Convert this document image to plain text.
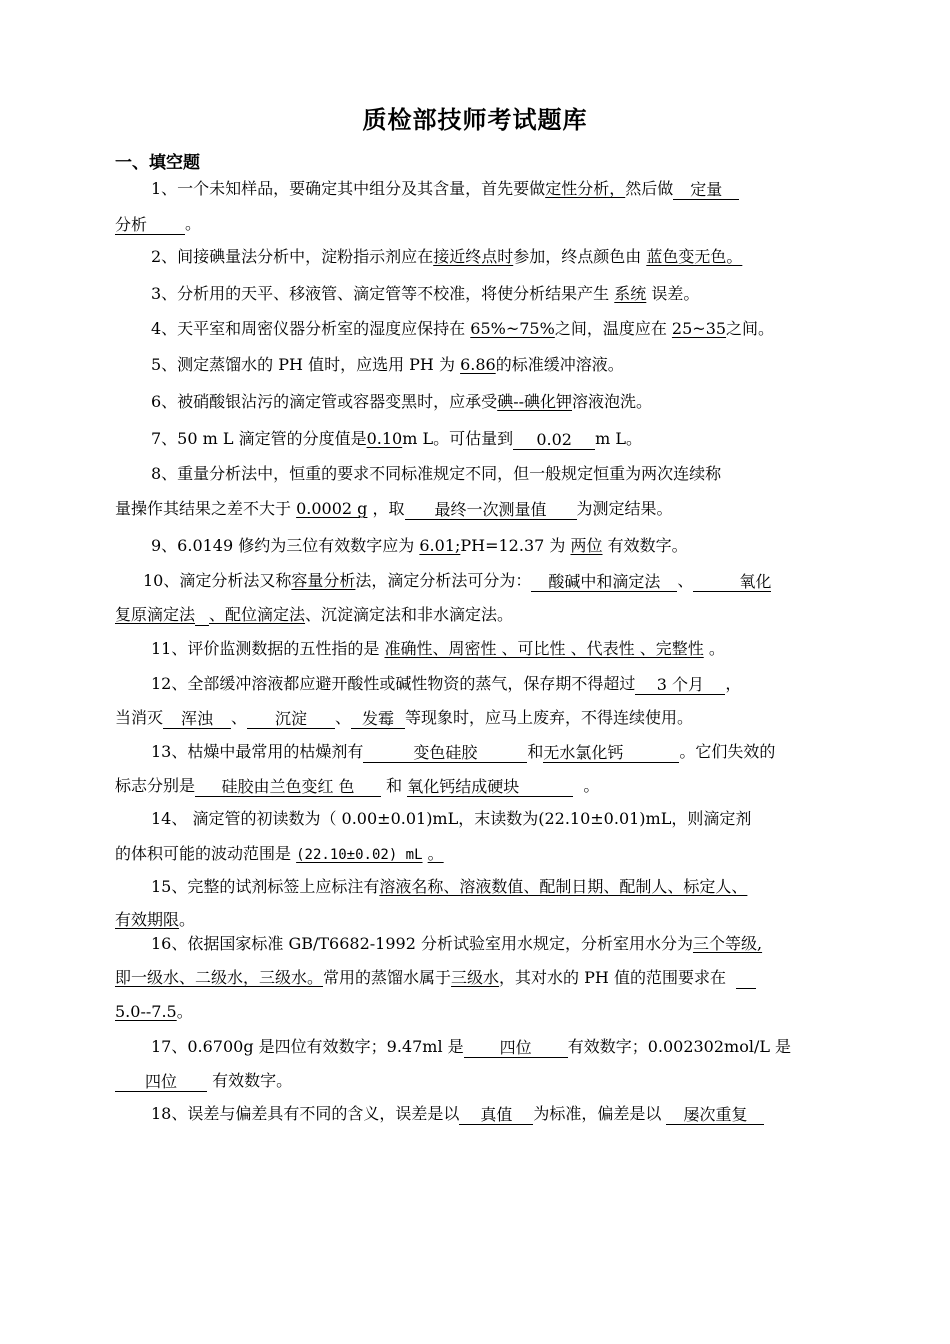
质检部技师考试题库
一、填空题
1、一个未知样品，要确定其中组分及其含量，首先要做定性分析，然后做 定量
分析 。
2、间接碘量法分析中，淀粉指示剂应在接近终点时参加，终点颜色由 蓝色变无色。
3、分析用的天平、移液管、滴定管等不校准，将使分析结果产生 系统 误差。
4、天平室和周密仪器分析室的湿度应保持在 65%~75%之间，温度应在 25~35之间。
5、测定蒸馏水的 PH 值时，应选用 PH 为 6.86的标准缓冲溶液。
6、被硝酸银沾污的滴定管或容器变黑时，应承受碘--碘化钾溶液泡洗。
7、50 m L 滴定管的分度值是0.10m L。可估量到 0.02 m L。
8、重量分析法中，恒重的要求不同标准规定不同，但一般规定恒重为两次连续称
量操作其结果之差不大于 0.0002 g ，取 最终一次测量值 为测定结果。
9、6.0149 修约为三位有效数字应为 6.01;PH=12.37 为 两位 有效数字。
10、滴定分析法又称容量分析法，滴定分析法可分为： 酸碱中和滴定法 、	氧化
复原滴定法 、配位滴定法、沉淀滴定法和非水滴定法。
11、评价监测数据的五性指的是 准确性、周密性 、可比性 、代表性 、完整性 。
12、全部缓冲溶液都应避开酸性或碱性物资的蒸气，保存期不得超过 3 个月 ，
当消灭 浑浊 、 沉淀 、 发霉 等现象时，应马上废弃，不得连续使用。
13、枯燥中最常用的枯燥剂有	变色硅胶	和无水氯化钙	。它们失效的
标志分别是 硅胶由兰色变红 色 和 氧化钙结成硬块	。
14、 滴定管的初读数为（ 0.00±0.01)mL，末读数为(22.10±0.01)mL，则滴定剂
的体积可能的波动范围是 (22.10±0.02) mL 。
15、完整的试剂标签上应标注有溶液名称、溶液数值、配制日期、配制人、标定人、
有效期限。
16、依据国家标准 GB/T6682-1992 分析试验室用水规定，分析室用水分为三个等级,
即一级水、二级水，三级水。常用的蒸馏水属于三级水，其对水的 PH 值的范围要求在
5.0--7.5。
17、0.6700g 是四位有效数字；9.47ml 是 四位 有效数字；0.002302mol/L 是
四位 有效数字。
18、误差与偏差具有不同的含义，误差是以 真值 为标准，偏差是以 屡次重复
